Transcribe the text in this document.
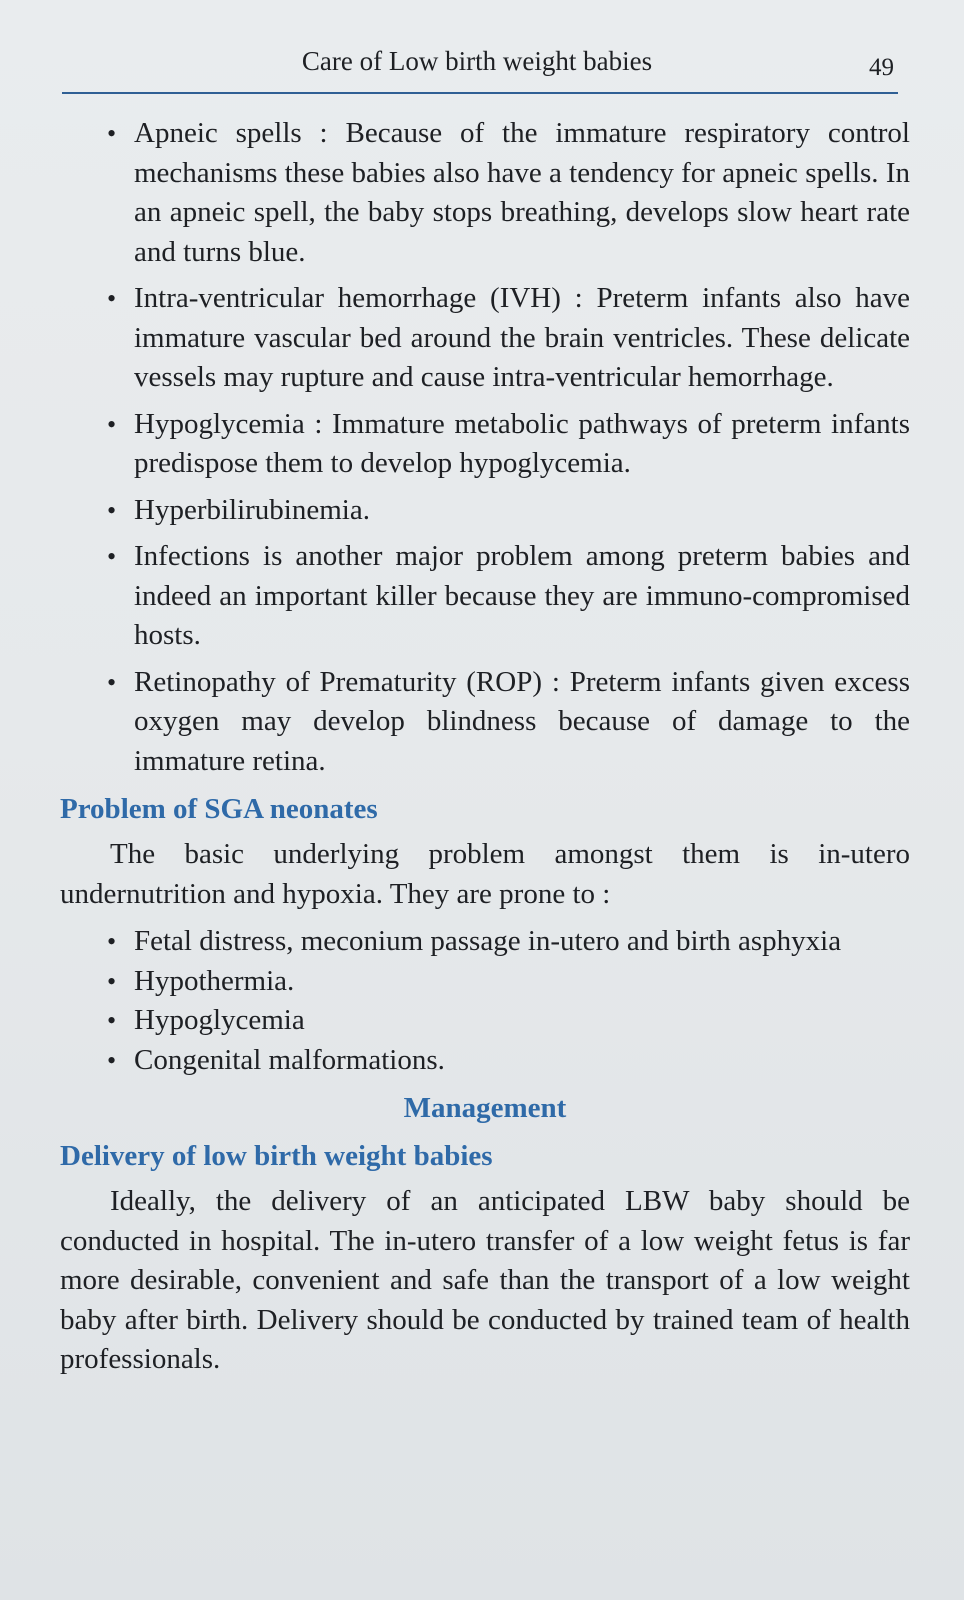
Care of Low birth weight babies	49
• Apneic spells : Because of the immature respiratory control mechanisms these babies also have a tendency for apneic spells. In an apneic spell, the baby stops breathing, develops slow heart rate and turns blue.
• Intra-ventricular hemorrhage (IVH) : Preterm infants also have immature vascular bed around the brain ventricles. These delicate vessels may rupture and cause intra-ventricular hemorrhage.
• Hypoglycemia : Immature metabolic pathways of preterm infants predispose them to develop hypoglycemia.
• Hyperbilirubinemia.
• Infections is another major problem among preterm babies and indeed an important killer because they are immuno-compromised hosts.
• Retinopathy of Prematurity (ROP) : Preterm infants given excess oxygen may develop blindness because of damage to the immature retina.
Problem of SGA neonates

The basic underlying problem amongst them is in-utero undernutrition and hypoxia. They are prone to :

• Fetal distress, meconium passage in-utero and birth asphyxia
• Hypothermia.
• Hypoglycemia
• Congenital malformations.
Management
Delivery of low birth weight babies

Ideally, the delivery of an anticipated LBW baby should be conducted in hospital. The in-utero transfer of a low weight fetus is far more desirable, convenient and safe than the transport of a low weight baby after birth. Delivery should be conducted by trained team of health professionals.
